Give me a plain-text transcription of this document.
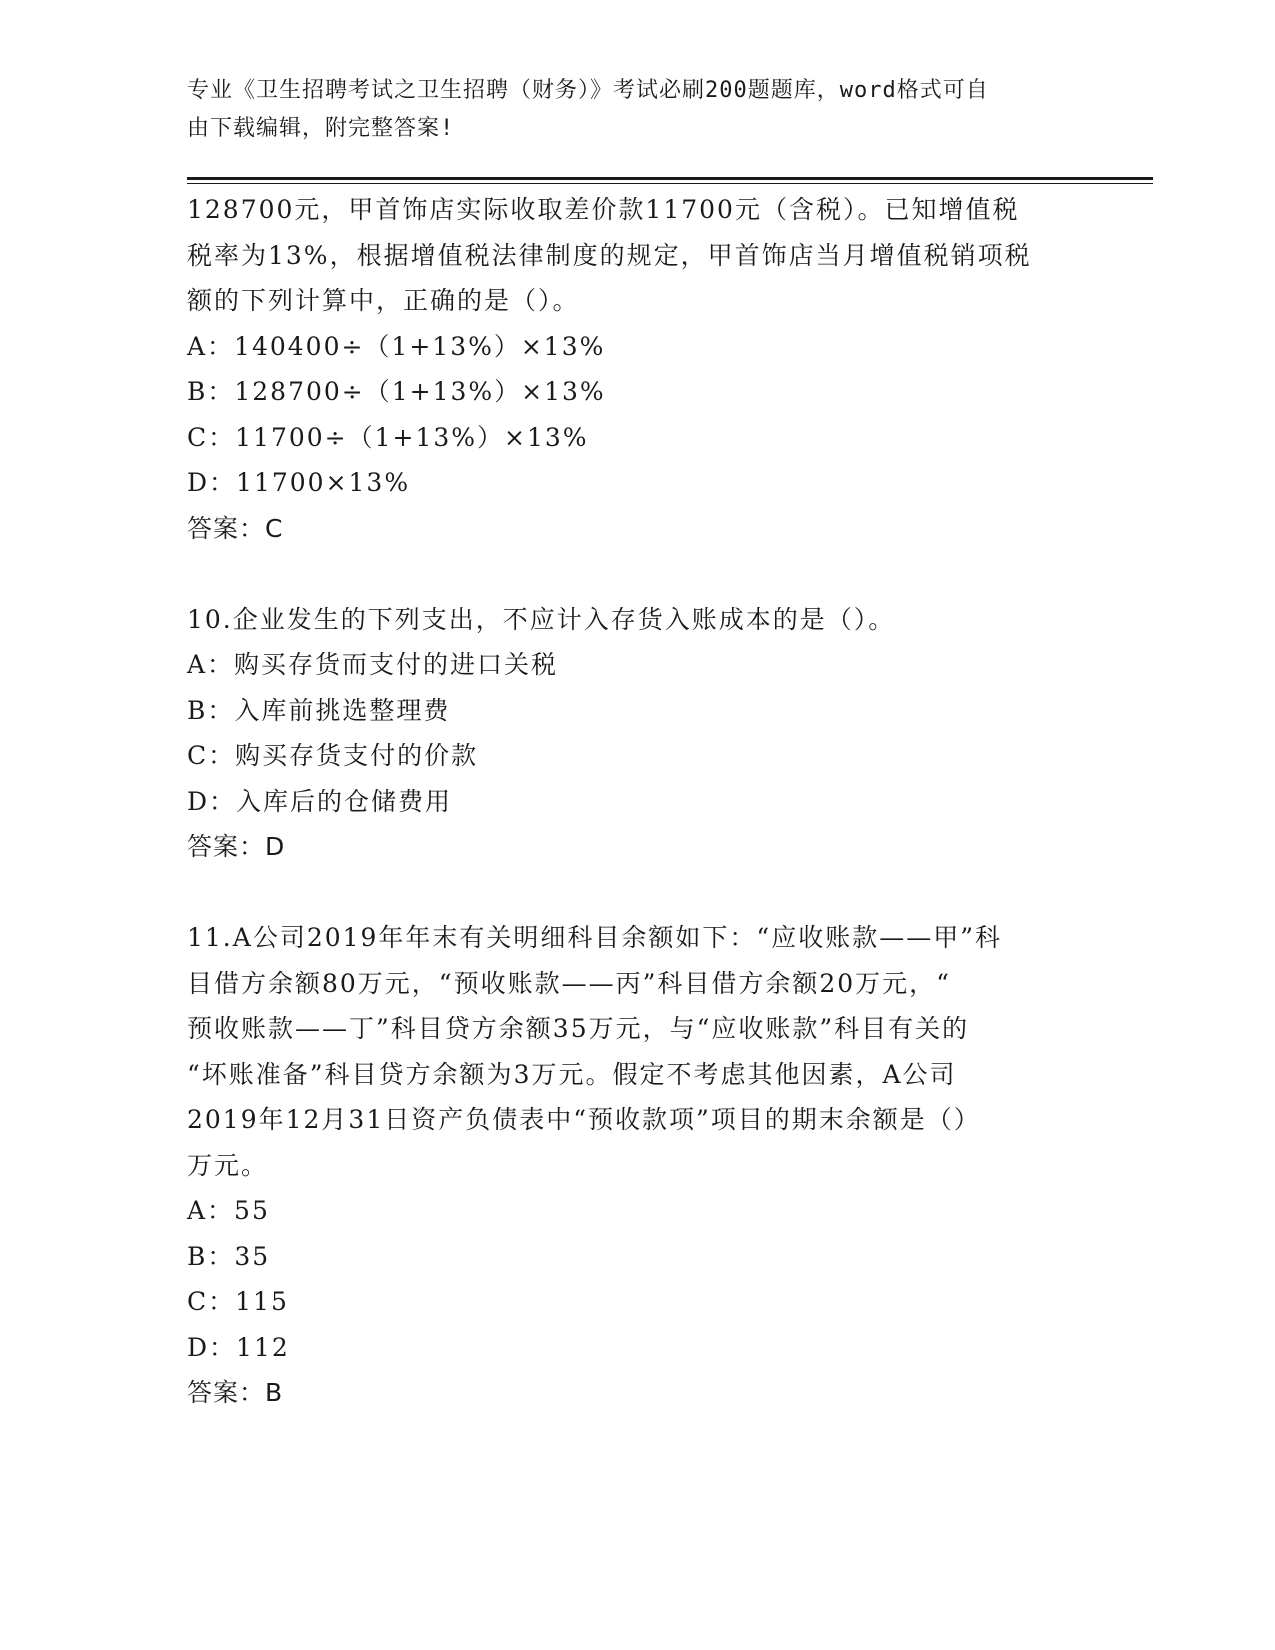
专业《卫生招聘考试之卫生招聘（财务）》考试必刷200题题库，word格式可自
由下载编辑，附完整答案!
128700元，甲首饰店实际收取差价款11700元（含税）。已知增值税
税率为13%，根据增值税法律制度的规定，甲首饰店当月增值税销项税
额的下列计算中，正确的是（）。
A：140400÷（1+13%）×13%
B：128700÷（1+13%）×13%
C：11700÷（1+13%）×13%
D：11700×13%
答案：C
10.企业发生的下列支出，不应计入存货入账成本的是（）。
A：购买存货而支付的进口关税
B：入库前挑选整理费
C：购买存货支付的价款
D：入库后的仓储费用
答案：D
11.A公司2019年年末有关明细科目余额如下：“应收账款——甲”科
目借方余额80万元，“预收账款——丙”科目借方余额20万元，“
预收账款——丁”科目贷方余额35万元，与“应收账款”科目有关的
“坏账准备”科目贷方余额为3万元。假定不考虑其他因素，A公司
2019年12月31日资产负债表中“预收款项”项目的期末余额是（）
万元。
A：55
B：35
C：115
D：112
答案：B
